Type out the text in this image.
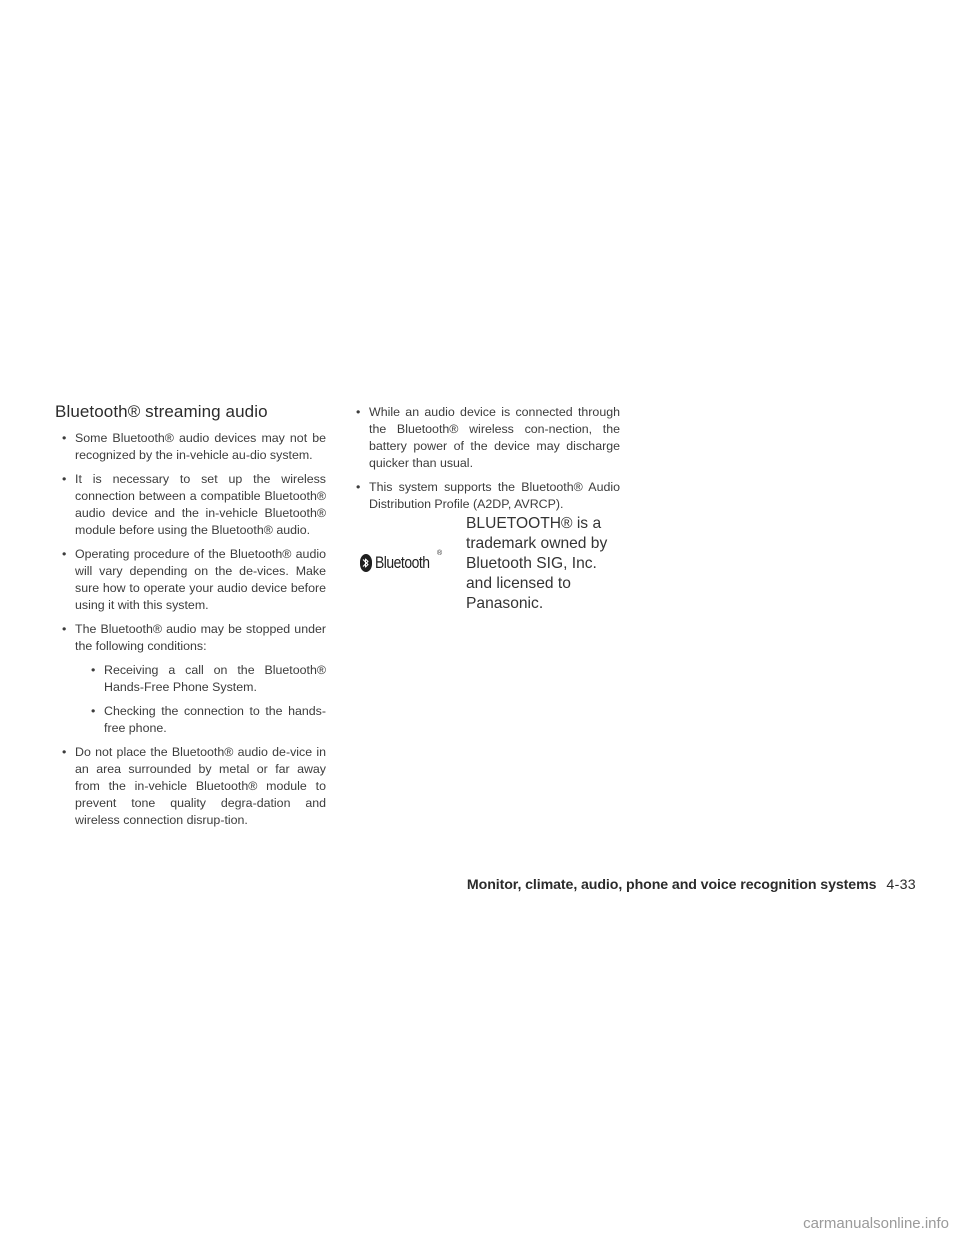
Bluetooth® streaming audio
• Some Bluetooth® audio devices may not be recognized by the in-vehicle au-dio system.
• It is necessary to set up the wireless connection between a compatible Bluetooth® audio device and the in-vehicle Bluetooth® module before using the Bluetooth® audio.
• Operating procedure of the Bluetooth® audio will vary depending on the de-vices. Make sure how to operate your audio device before using it with this system.
• The Bluetooth® audio may be stopped under the following conditions:
• Receiving a call on the Bluetooth® Hands-Free Phone System.
• Checking the connection to the hands-free phone.
• Do not place the Bluetooth® audio de-vice in an area surrounded by metal or far away from the in-vehicle Bluetooth® module to prevent tone quality degra-dation and wireless connection disrup-tion.
• While an audio device is connected through the Bluetooth® wireless con-nection, the battery power of the device may discharge quicker than usual.
• This system supports the Bluetooth® Audio Distribution Profile (A2DP, AVRCP).
Bluetooth ®
BLUETOOTH® is a trademark owned by Bluetooth SIG, Inc. and licensed to Panasonic.
Monitor, climate, audio, phone and voice recognition systems 4-33
carmanualsonline.info
